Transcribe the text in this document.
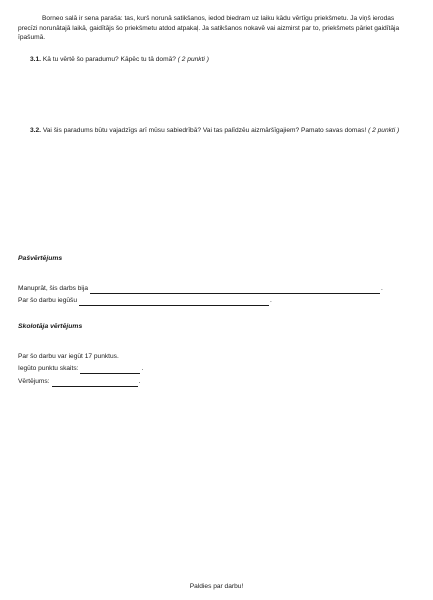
Borneo salā ir sena paraša: tas, kurš norunā satikšanos, iedod biedram uz laiku kādu vērtīgu priekšmetu. Ja viņš ierodas precīzi norunātajā laikā, gaidītājs šo priekšmetu atdod atpakaļ. Ja satikšanos nokavē vai aizmirst par to, priekšmets pāriet gaidītāja īpašumā.

3.1. Kā tu vērtē šo paradumu? Kāpēc tu tā domā? ( 2 punkti )
3.2. Vai šis paradums būtu vajadzīgs arī mūsu sabiedrībā? Vai tas palīdzēu aizmāršīgajiem? Pamato savas domas! ( 2 punkti )
Pašvērtējums
Manuprāt, šis darbs bija	.
Par šo darbu iegūšu	.
Skolotāja vērtējums
Par šo darbu var iegūt 17 punktus.
Iegūto punktu skaits:	.
Vērtējums:	.
Paldies par darbu!
